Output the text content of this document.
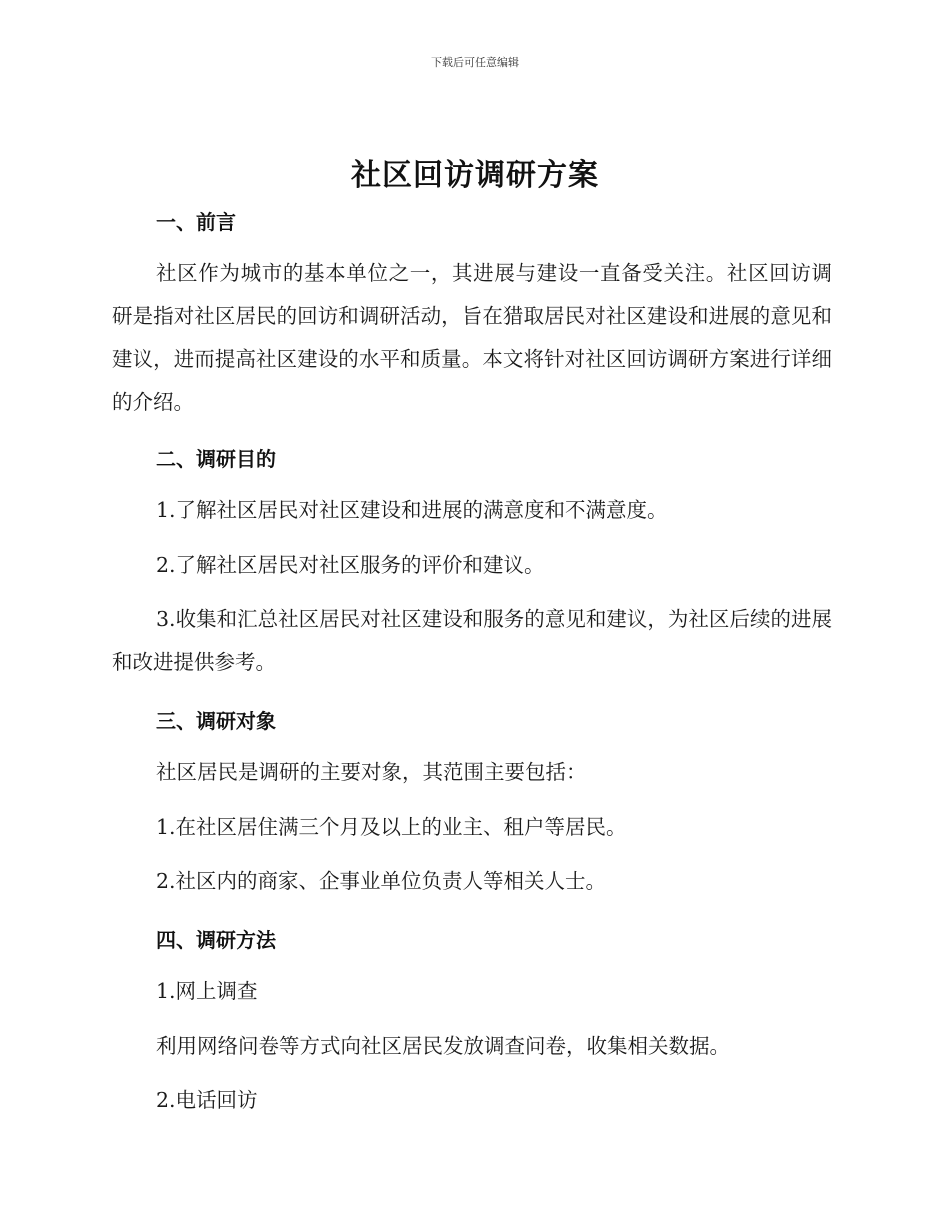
下载后可任意编辑
社区回访调研方案
一、前言
社区作为城市的基本单位之一，其进展与建设一直备受关注。社区回访调研是指对社区居民的回访和调研活动，旨在猎取居民对社区建设和进展的意见和建议，进而提高社区建设的水平和质量。本文将针对社区回访调研方案进行详细的介绍。
二、调研目的
1.了解社区居民对社区建设和进展的满意度和不满意度。
2.了解社区居民对社区服务的评价和建议。
3.收集和汇总社区居民对社区建设和服务的意见和建议，为社区后续的进展和改进提供参考。
三、调研对象
社区居民是调研的主要对象，其范围主要包括：
1.在社区居住满三个月及以上的业主、租户等居民。
2.社区内的商家、企事业单位负责人等相关人士。
四、调研方法
1.网上调查
利用网络问卷等方式向社区居民发放调查问卷，收集相关数据。
2.电话回访
